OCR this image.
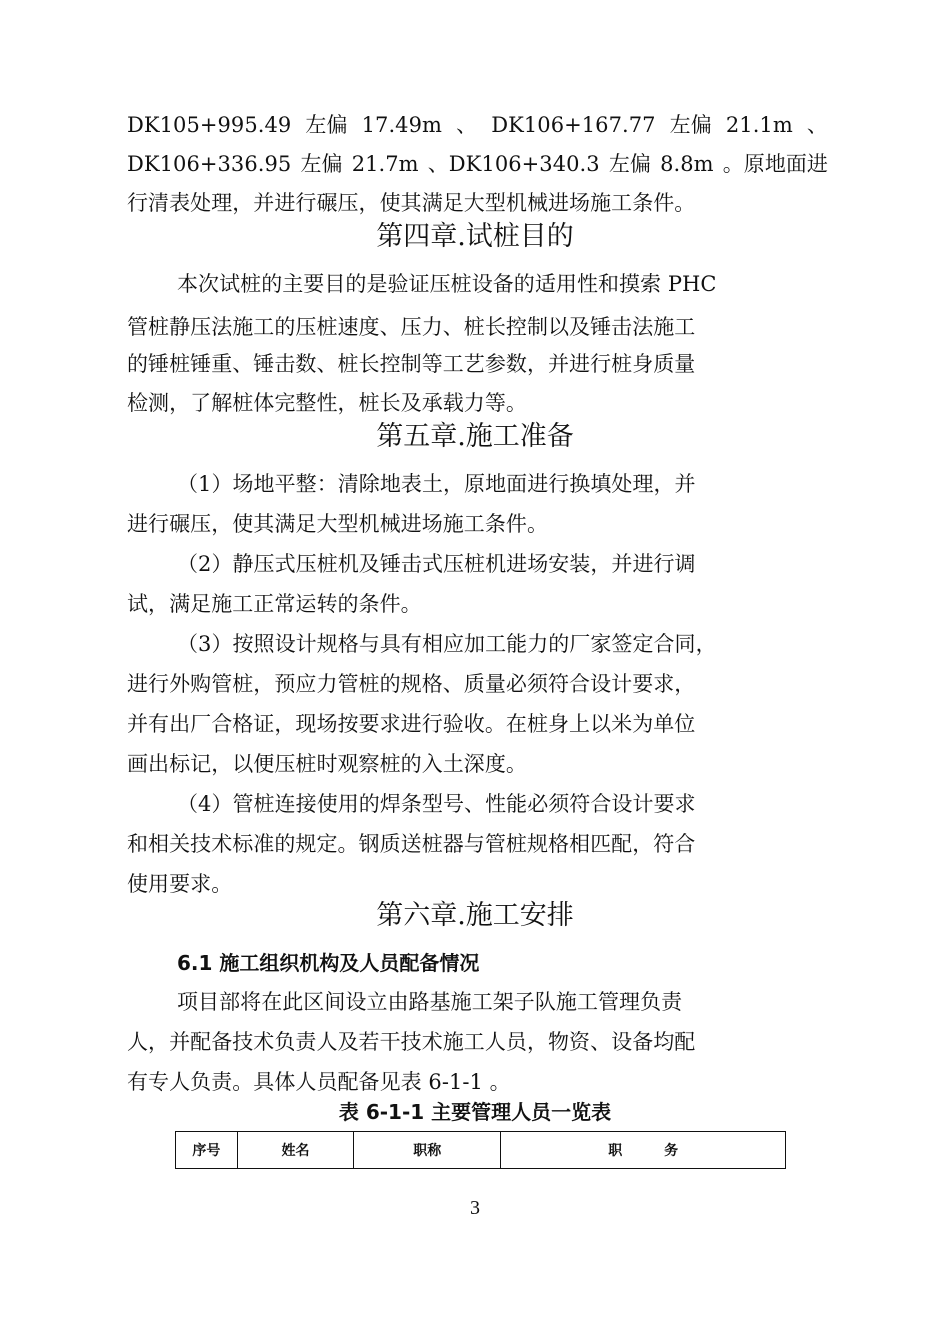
DK105+995.49 左偏 17.49m 、 DK106+167.77 左偏 21.1m 、
DK106+336.95 左偏 21.7m 、DK106+340.3 左偏 8.8m 。原地面进
行清表处理，并进行碾压，使其满足大型机械进场施工条件。
第四章.试桩目的
本次试桩的主要目的是验证压桩设备的适用性和摸索 PHC
管桩静压法施工的压桩速度、压力、桩长控制以及锤击法施工
的锤桩锤重、锤击数、桩长控制等工艺参数，并进行桩身质量
检测，了解桩体完整性，桩长及承载力等。
第五章.施工准备
（1）场地平整：清除地表土，原地面进行换填处理，并
进行碾压，使其满足大型机械进场施工条件。
（2）静压式压桩机及锤击式压桩机进场安装，并进行调
试，满足施工正常运转的条件。
（3）按照设计规格与具有相应加工能力的厂家签定合同，
进行外购管桩，预应力管桩的规格、质量必须符合设计要求，
并有出厂合格证，现场按要求进行验收。在桩身上以米为单位
画出标记，以便压桩时观察桩的入土深度。
（4）管桩连接使用的焊条型号、性能必须符合设计要求
和相关技术标准的规定。钢质送桩器与管桩规格相匹配，符合
使用要求。
第六章.施工安排
6.1 施工组织机构及人员配备情况
项目部将在此区间设立由路基施工架子队施工管理负责
人，并配备技术负责人及若干技术施工人员，物资、设备均配
有专人负责。具体人员配备见表 6-1-1 。
表 6-1-1 主要管理人员一览表
序号	姓名	职称	职　　　务
3
